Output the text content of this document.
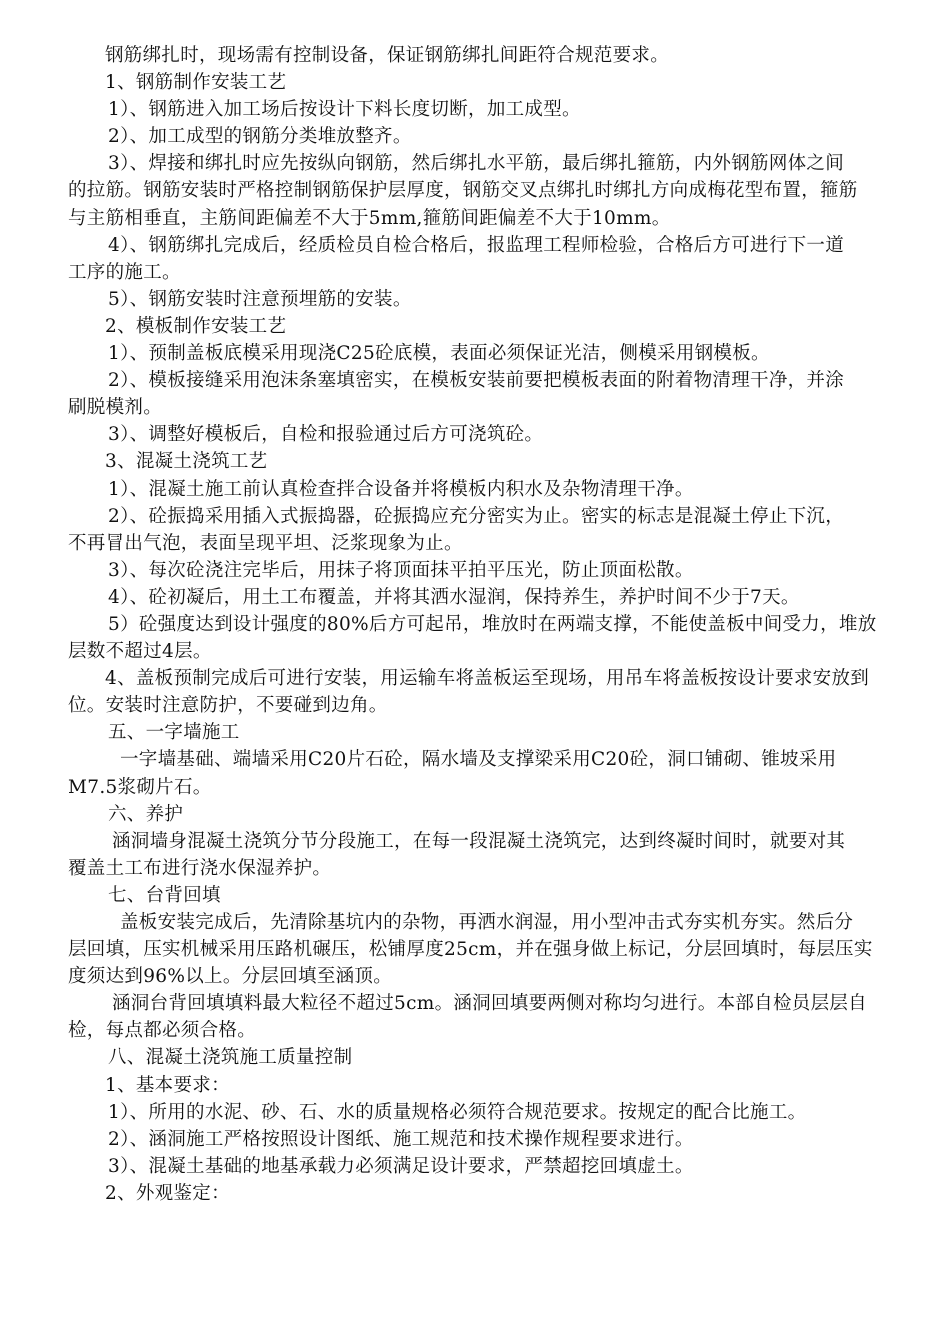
钢筋绑扎时，现场需有控制设备，保证钢筋绑扎间距符合规范要求。

1、钢筋制作安装工艺

1）、钢筋进入加工场后按设计下料长度切断，加工成型。

2）、加工成型的钢筋分类堆放整齐。

3）、焊接和绑扎时应先按纵向钢筋，然后绑扎水平筋，最后绑扎箍筋，内外钢筋网体之间

的拉筋。钢筋安装时严格控制钢筋保护层厚度，钢筋交叉点绑扎时绑扎方向成梅花型布置，箍筋

与主筋相垂直，主筋间距偏差不大于5mm,箍筋间距偏差不大于10mm。

4）、钢筋绑扎完成后，经质检员自检合格后，报监理工程师检验，合格后方可进行下一道

工序的施工。

5）、钢筋安装时注意预埋筋的安装。

2、模板制作安装工艺

1）、预制盖板底模采用现浇C25砼底模，表面必须保证光洁，侧模采用钢模板。

2）、模板接缝采用泡沫条塞填密实，在模板安装前要把模板表面的附着物清理干净，并涂

刷脱模剂。

3）、调整好模板后，自检和报验通过后方可浇筑砼。

3、混凝土浇筑工艺

1）、混凝土施工前认真检查拌合设备并将模板内积水及杂物清理干净。

2）、砼振捣采用插入式振捣器，砼振捣应充分密实为止。密实的标志是混凝土停止下沉，

不再冒出气泡，表面呈现平坦、泛浆现象为止。

3）、每次砼浇注完毕后，用抹子将顶面抹平拍平压光，防止顶面松散。

4）、砼初凝后，用土工布覆盖，并将其洒水湿润，保持养生，养护时间不少于7天。

5）砼强度达到设计强度的80%后方可起吊，堆放时在两端支撑，不能使盖板中间受力，堆放

层数不超过4层。

4、盖板预制完成后可进行安装，用运输车将盖板运至现场，用吊车将盖板按设计要求安放到

位。安装时注意防护，不要碰到边角。

五、一字墙施工

一字墙基础、端墙采用C20片石砼，隔水墙及支撑梁采用C20砼，洞口铺砌、锥坡采用

M7.5浆砌片石。

六、养护

涵洞墙身混凝土浇筑分节分段施工，在每一段混凝土浇筑完，达到终凝时间时，就要对其

覆盖土工布进行浇水保湿养护。

七、台背回填

盖板安装完成后，先清除基坑内的杂物，再洒水润湿，用小型冲击式夯实机夯实。然后分

层回填，压实机械采用压路机碾压，松铺厚度25cm，并在强身做上标记，分层回填时，每层压实

度须达到96%以上。分层回填至涵顶。

涵洞台背回填填料最大粒径不超过5cm。涵洞回填要两侧对称均匀进行。本部自检员层层自

检，每点都必须合格。

八、混凝土浇筑施工质量控制

1、基本要求：

1）、所用的水泥、砂、石、水的质量规格必须符合规范要求。按规定的配合比施工。

2）、涵洞施工严格按照设计图纸、施工规范和技术操作规程要求进行。

3）、混凝土基础的地基承载力必须满足设计要求，严禁超挖回填虚土。

2、外观鉴定：
